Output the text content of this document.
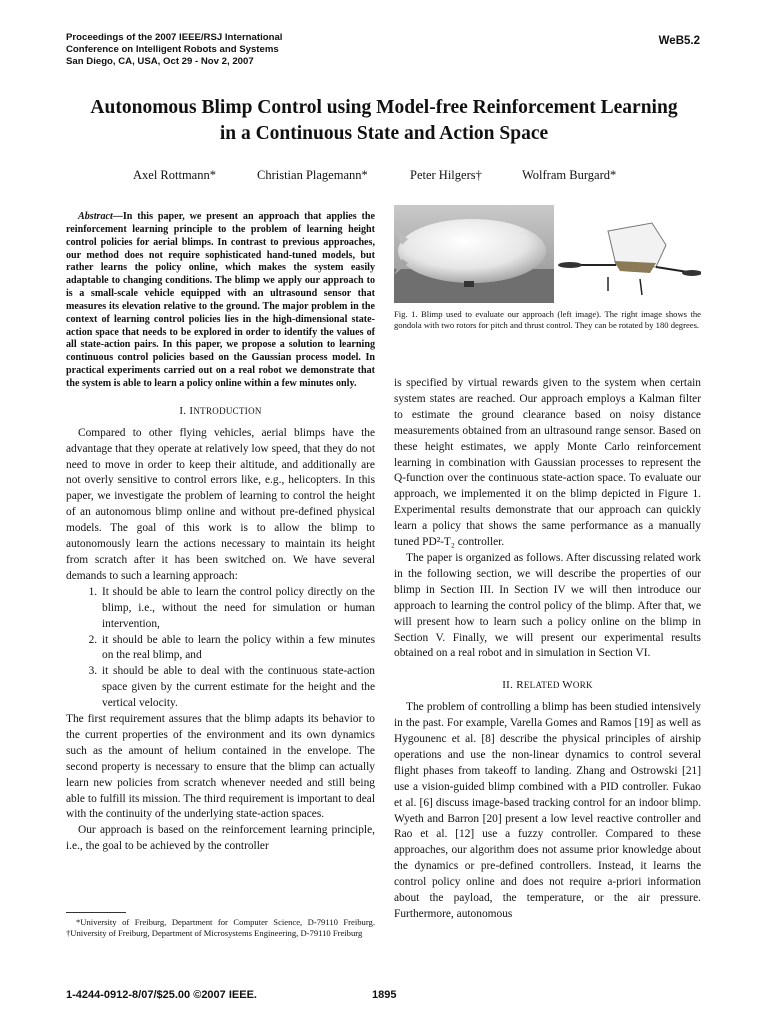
Proceedings of the 2007 IEEE/RSJ International
Conference on Intelligent Robots and Systems
San Diego, CA, USA, Oct 29 - Nov 2, 2007
WeB5.2
Autonomous Blimp Control using Model-free Reinforcement Learning
in a Continuous State and Action Space
Axel Rottmann*	Christian Plagemann*	Peter Hilgers†	Wolfram Burgard*

Abstract—In this paper, we present an approach that applies the reinforcement learning principle to the problem of learning height control policies for aerial blimps. In contrast to previous approaches, our method does not require sophisticated hand-tuned models, but rather learns the policy online, which makes the system easily adaptable to changing conditions. The blimp we apply our approach to is a small-scale vehicle equipped with an ultrasound sensor that measures its elevation relative to the ground. The major problem in the context of learning control policies lies in the high-dimensional state-action space that needs to be explored in order to identify the values of all state-action pairs. In this paper, we propose a solution to learning continuous control policies based on the Gaussian process model. In practical experiments carried out on a real robot we demonstrate that the system is able to learn a policy online within a few minutes only.

I. INTRODUCTION

Compared to other flying vehicles, aerial blimps have the advantage that they operate at relatively low speed, that they do not need to move in order to keep their altitude, and additionally are not overly sensitive to control errors like, e.g., helicopters. In this paper, we investigate the problem of learning to control the height of an autonomous blimp online and without pre-defined physical models. The goal of this work is to allow the blimp to autonomously learn the actions necessary to maintain its height from scratch after it has been switched on. We have several demands to such a learning approach:

1. It should be able to learn the control policy directly on the blimp, i.e., without the need for simulation or human intervention,
2. it should be able to learn the policy within a few minutes on the real blimp, and
3. it should be able to deal with the continuous state-action space given by the current estimate for the height and the vertical velocity.

The first requirement assures that the blimp adapts its behavior to the current properties of the environment and its own dynamics such as the amount of helium contained in the envelope. The second property is necessary to ensure that the blimp can actually learn new policies from scratch whenever needed and still being able to fulfill its mission. The third requirement is important to deal with the continuity of the underlying state-action spaces.

Our approach is based on the reinforcement learning principle, i.e., the goal to be achieved by the controller

*University of Freiburg, Department for Computer Science, D-79110 Freiburg. †University of Freiburg, Department of Microsystems Engineering, D-79110 Freiburg

Fig. 1. Blimp used to evaluate our approach (left image). The right image shows the gondola with two rotors for pitch and thrust control. They can be rotated by 180 degrees.

is specified by virtual rewards given to the system when certain system states are reached. Our approach employs a Kalman filter to estimate the ground clearance based on noisy distance measurements obtained from an ultrasound range sensor. Based on these height estimates, we apply Monte Carlo reinforcement learning in combination with Gaussian processes to represent the Q-function over the continuous state-action space. To evaluate our approach, we implemented it on the blimp depicted in Figure 1. Experimental results demonstrate that our approach can quickly learn a policy that shows the same performance as a manually tuned PD²-T₂ controller.

The paper is organized as follows. After discussing related work in the following section, we will describe the properties of our blimp in Section III. In Section IV we will then introduce our approach to learning the control policy of the blimp. After that, we will present how to learn such a policy online on the blimp in Section V. Finally, we will present our experimental results obtained on a real robot and in simulation in Section VI.

II. RELATED WORK

The problem of controlling a blimp has been studied intensively in the past. For example, Varella Gomes and Ramos [19] as well as Hygounenc et al. [8] describe the physical principles of airship operations and use the non-linear dynamics to control several flight phases from takeoff to landing. Zhang and Ostrowski [21] use a vision-guided blimp combined with a PID controller. Fukao et al. [6] discuss image-based tracking control for an indoor blimp. Wyeth and Barron [20] present a low level reactive controller and Rao et al. [12] use a fuzzy controller. Compared to these approaches, our algorithm does not assume prior knowledge about the dynamics or pre-defined controllers. Instead, it learns the control policy online and does not require a-priori information about the payload, the temperature, or the air pressure. Furthermore, autonomous

1-4244-0912-8/07/$25.00 ©2007 IEEE.	1895
